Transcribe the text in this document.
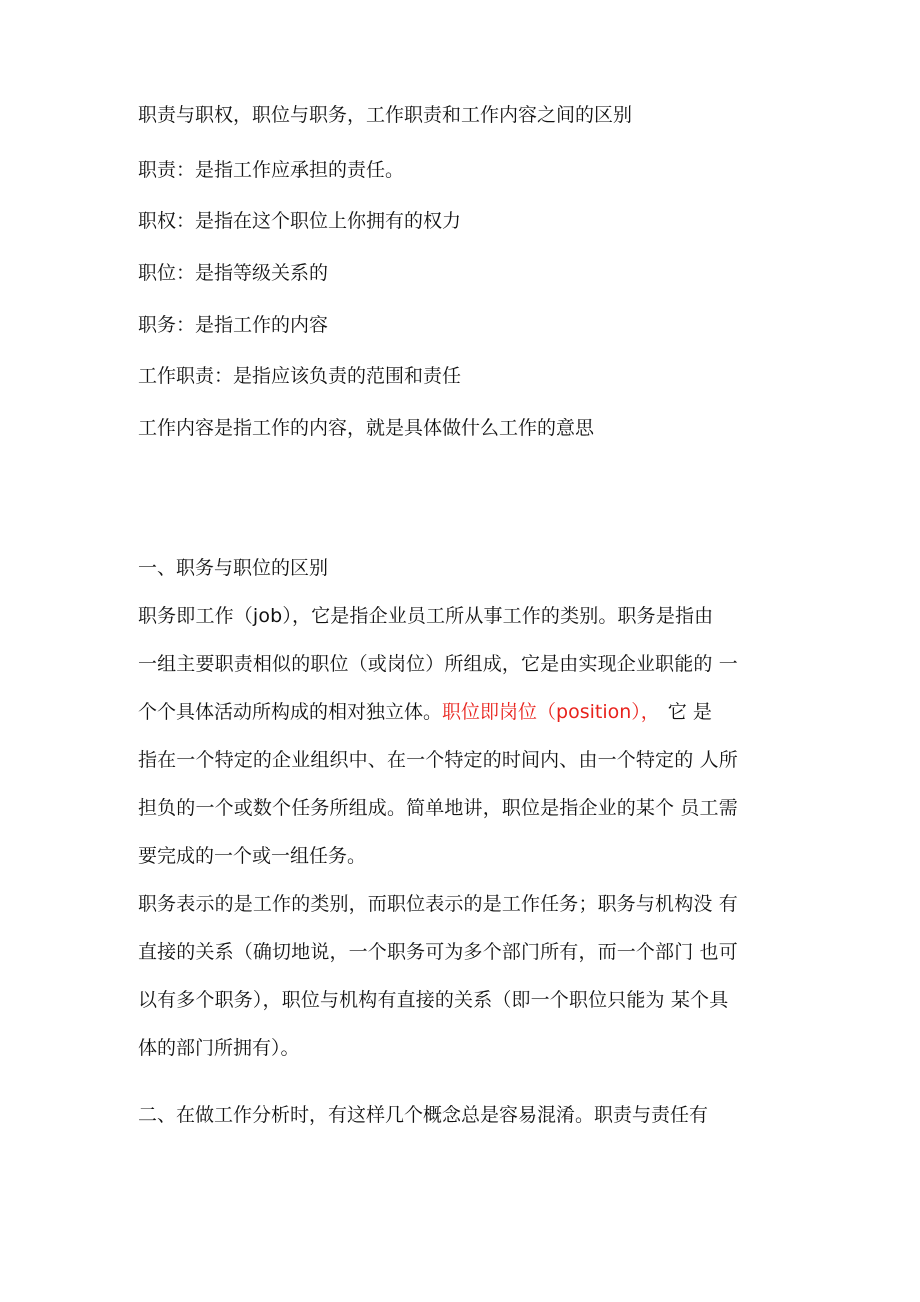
职责与职权，职位与职务，工作职责和工作内容之间的区别
职责：是指工作应承担的责任。
职权：是指在这个职位上你拥有的权力
职位：是指等级关系的
职务：是指工作的内容
工作职责：是指应该负责的范围和责任
工作内容是指工作的内容，就是具体做什么工作的意思
一、职务与职位的区别
职务即工作（job），它是指企业员工所从事工作的类别。职务是指由
一组主要职责相似的职位（或岗位）所组成，它是由实现企业职能的 一
个个具体活动所构成的相对独立体。职位即岗位（position）， 它 是
指在一个特定的企业组织中、在一个特定的时间内、由一个特定的 人所
担负的一个或数个任务所组成。简单地讲，职位是指企业的某个 员工需
要完成的一个或一组任务。
职务表示的是工作的类别，而职位表示的是工作任务；职务与机构没 有
直接的关系（确切地说，一个职务可为多个部门所有，而一个部门 也可
以有多个职务），职位与机构有直接的关系（即一个职位只能为 某个具
体的部门所拥有）。
二、在做工作分析时，有这样几个概念总是容易混淆。职责与责任有
